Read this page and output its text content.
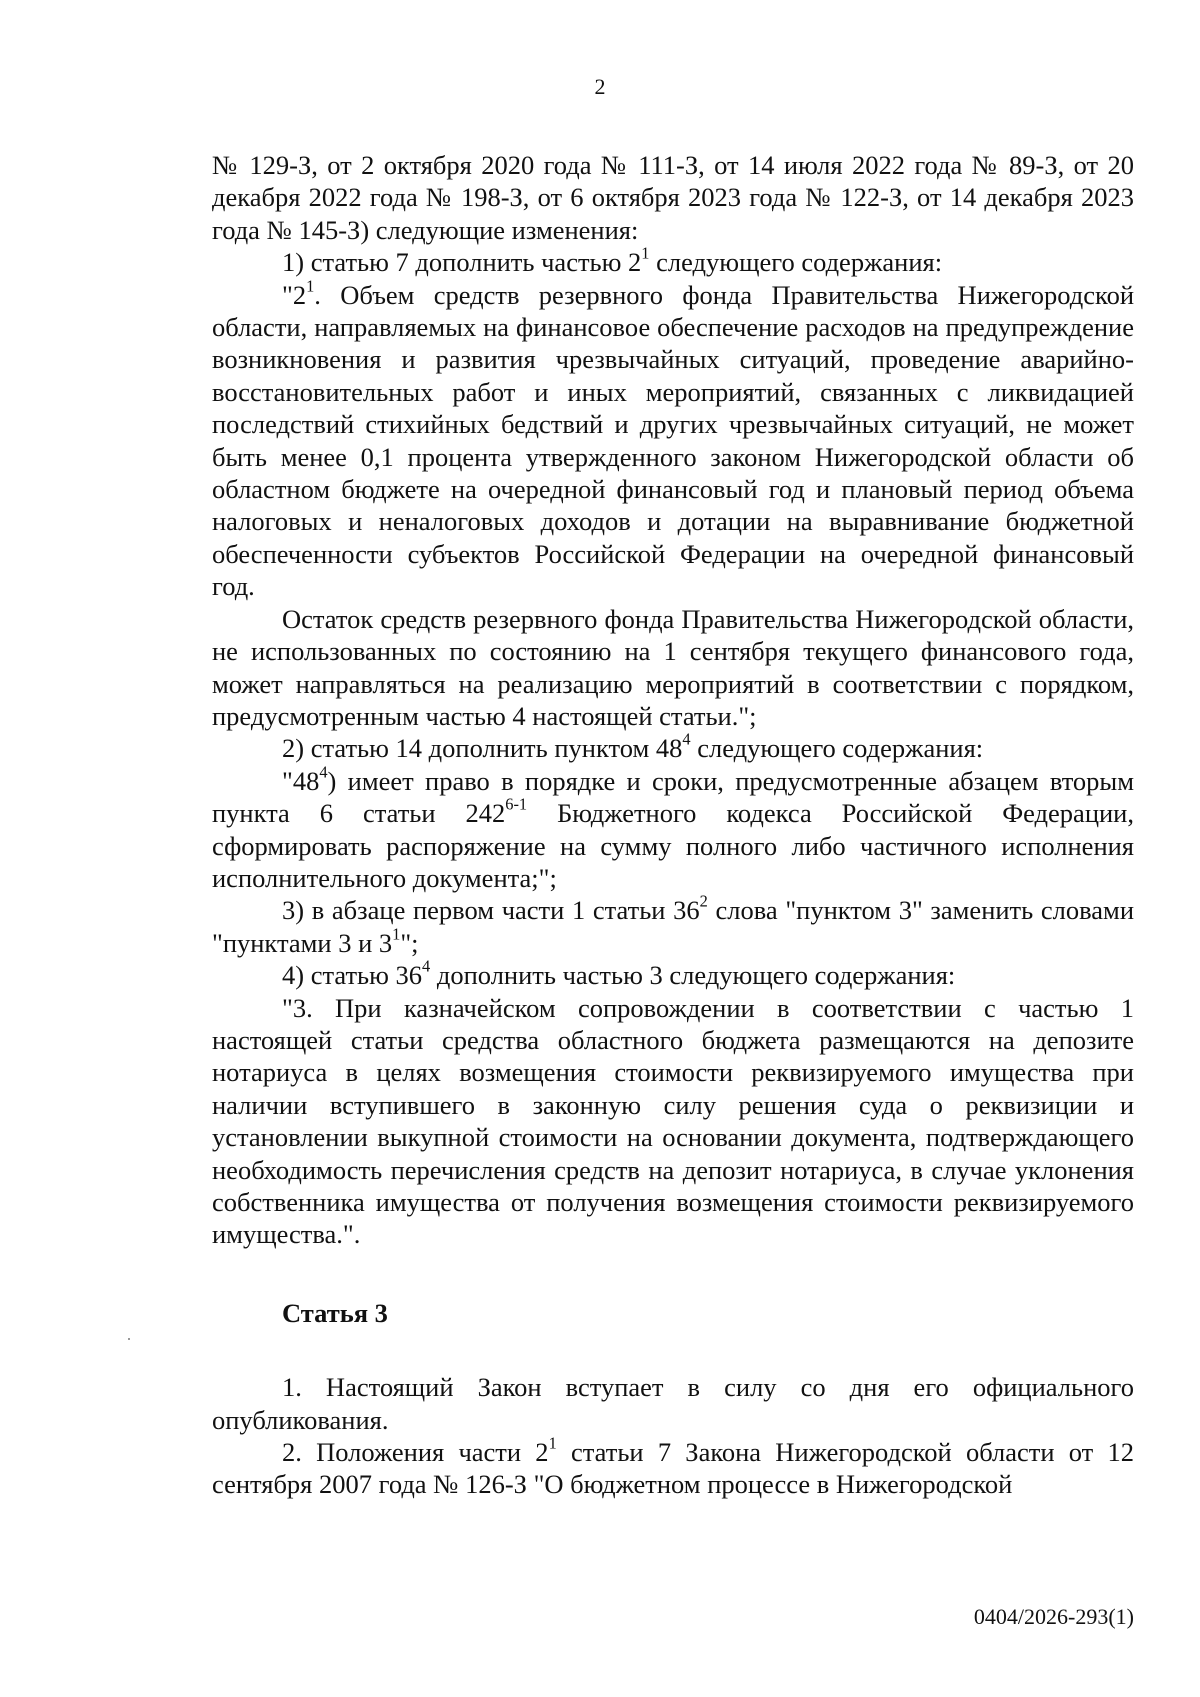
2

№ 129-З, от 2 октября 2020 года № 111-З, от 14 июля 2022 года № 89-З, от 20 декабря 2022 года № 198-З, от 6 октября 2023 года № 122-З, от 14 декабря 2023 года № 145-З) следующие изменения:

1) статью 7 дополнить частью $2^1$ следующего содержания:

"$2^1$. Объем средств резервного фонда Правительства Нижегородской области, направляемых на финансовое обеспечение расходов на предупреждение возникновения и развития чрезвычайных ситуаций, проведение аварийно-восстановительных работ и иных мероприятий, связанных с ликвидацией последствий стихийных бедствий и других чрезвычайных ситуаций, не может быть менее 0,1 процента утвержденного законом Нижегородской области об областном бюджете на очередной финансовый год и плановый период объема налоговых и неналоговых доходов и дотации на выравнивание бюджетной обеспеченности субъектов Российской Федерации на очередной финансовый год.

Остаток средств резервного фонда Правительства Нижегородской области, не использованных по состоянию на 1 сентября текущего финансового года, может направляться на реализацию мероприятий в соответствии с порядком, предусмотренным частью 4 настоящей статьи.";

2) статью 14 дополнить пунктом $48^4$ следующего содержания:

"$48^4$) имеет право в порядке и сроки, предусмотренные абзацем вторым пункта 6 статьи 242$^{6-1}$ Бюджетного кодекса Российской Федерации, сформировать распоряжение на сумму полного либо частичного исполнения исполнительного документа;";

3) в абзаце первом части 1 статьи $36^2$ слова "пунктом 3" заменить словами "пунктами 3 и $3^1$";

4) статью $36^4$ дополнить частью 3 следующего содержания:

"3. При казначейском сопровождении в соответствии с частью 1 настоящей статьи средства областного бюджета размещаются на депозите нотариуса в целях возмещения стоимости реквизируемого имущества при наличии вступившего в законную силу решения суда о реквизиции и установлении выкупной стоимости на основании документа, подтверждающего необходимость перечисления средств на депозит нотариуса, в случае уклонения собственника имущества от получения возмещения стоимости реквизируемого имущества.".

Статья 3

1. Настоящий Закон вступает в силу со дня его официального опубликования.

2. Положения части $2^1$ статьи 7 Закона Нижегородской области от 12 сентября 2007 года № 126-З "О бюджетном процессе в Нижегородской

0404/2026-293(1)
